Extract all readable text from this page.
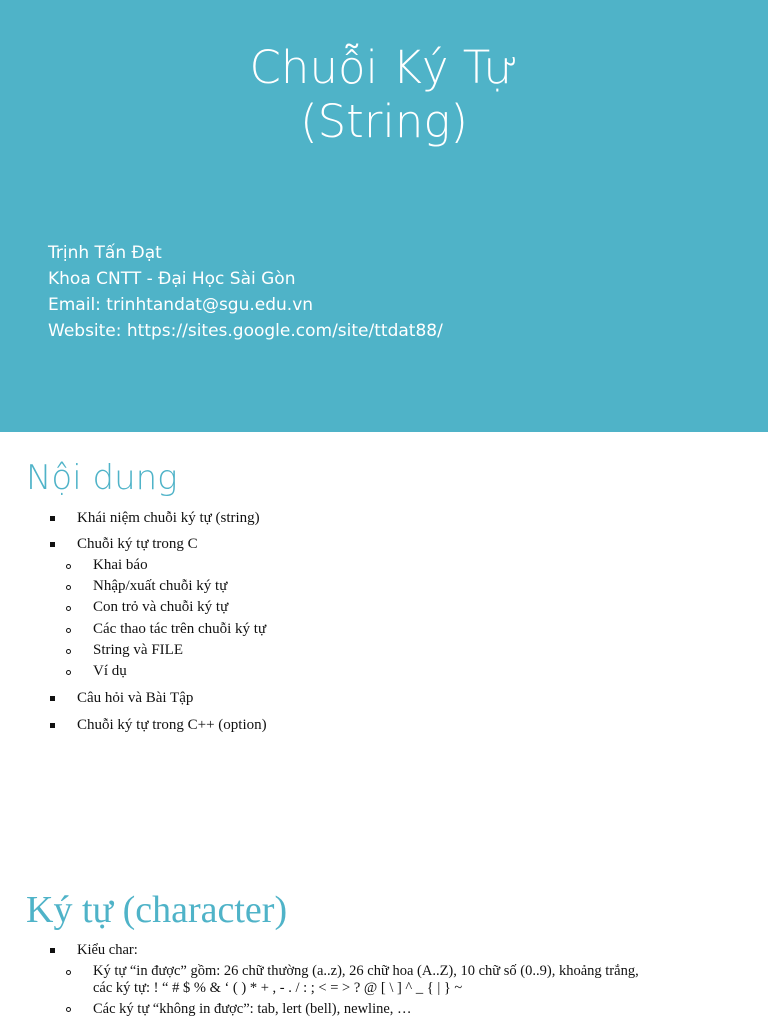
Chuỗi Ký Tự
(String)
Trịnh Tấn Đạt
Khoa CNTT - Đại Học Sài Gòn
Email: trinhtandat@sgu.edu.vn
Website: https://sites.google.com/site/ttdat88/
Nội dung
Khái niệm chuỗi ký tự (string)
Chuỗi ký tự trong C
Khai báo
Nhập/xuất chuỗi ký tự
Con trỏ và chuỗi ký tự
Các thao tác trên chuỗi ký tự
String và FILE
Ví dụ
Câu hỏi và Bài Tập
Chuỗi ký tự trong C++ (option)
Ký tự (character)
Kiểu char:
Ký tự “in được” gồm: 26 chữ thường (a..z), 26 chữ hoa (A..Z), 10 chữ số (0..9), khoảng trắng,
các ký tự: ! “ # $ % & ‘ ( ) * + , - . / : ; < = > ? @ [ \ ] ^ _ { | } ~
Các ký tự “không in được”: tab, lert (bell), newline, …
